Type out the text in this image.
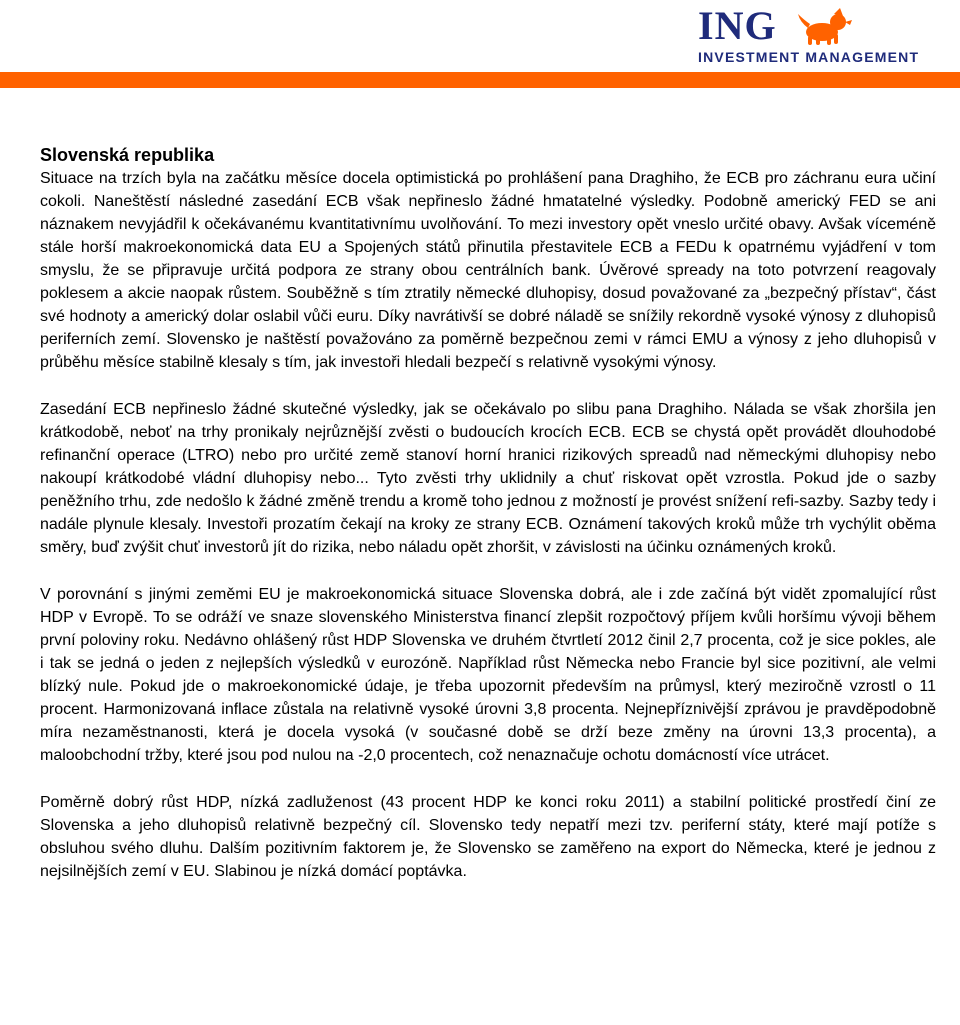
ING
INVESTMENT MANAGEMENT
Slovenská republika

Situace na trzích byla na začátku měsíce docela optimistická po prohlášení pana Draghiho, že ECB pro záchranu eura učiní cokoli. Naneštěstí následné zasedání ECB však nepřineslo žádné hmatatelné výsledky. Podobně americký FED se ani náznakem nevyjádřil k očekávanému kvantitativnímu uvolňování. To mezi investory opět vneslo určité obavy. Avšak víceméně stále horší makroekonomická data EU a Spojených států přinutila přestavitele ECB a FEDu k opatrnému vyjádření v tom smyslu, že se připravuje určitá podpora ze strany obou centrálních bank. Úvěrové spready na toto potvrzení reagovaly poklesem a akcie naopak růstem. Souběžně s tím ztratily německé dluhopisy, dosud považované za „bezpečný přístav“, část své hodnoty a americký dolar oslabil vůči euru. Díky navrátivší se dobré náladě se snížily rekordně vysoké výnosy z dluhopisů periferních zemí. Slovensko je naštěstí považováno za poměrně bezpečnou zemi v rámci EMU a výnosy z jeho dluhopisů v průběhu měsíce stabilně klesaly s tím, jak investoři hledali bezpečí s relativně vysokými výnosy.

Zasedání ECB nepřineslo žádné skutečné výsledky, jak se očekávalo po slibu pana Draghiho. Nálada se však zhoršila jen krátkodobě, neboť na trhy pronikaly nejrůznější zvěsti o budoucích krocích ECB. ECB se chystá opět provádět dlouhodobé refinanční operace (LTRO) nebo pro určité země stanoví horní hranici rizikových spreadů nad německými dluhopisy nebo nakoupí krátkodobé vládní dluhopisy nebo... Tyto zvěsti trhy uklidnily a chuť riskovat opět vzrostla. Pokud jde o sazby peněžního trhu, zde nedošlo k žádné změně trendu a kromě toho jednou z možností je provést snížení refi-sazby. Sazby tedy i nadále plynule klesaly. Investoři prozatím čekají na kroky ze strany ECB. Oznámení takových kroků může trh vychýlit oběma směry, buď zvýšit chuť investorů jít do rizika, nebo náladu opět zhoršit, v závislosti na účinku oznámených kroků.

V porovnání s jinými zeměmi EU je makroekonomická situace Slovenska dobrá, ale i zde začíná být vidět zpomalující růst HDP v Evropě. To se odráží ve snaze slovenského Ministerstva financí zlepšit rozpočtový příjem kvůli horšímu vývoji během první poloviny roku. Nedávno ohlášený růst HDP Slovenska ve druhém čtvrtletí 2012 činil 2,7 procenta, což je sice pokles, ale i tak se jedná o jeden z nejlepších výsledků v eurozóně. Například růst Německa nebo Francie byl sice pozitivní, ale velmi blízký nule. Pokud jde o makroekonomické údaje, je třeba upozornit především na průmysl, který meziročně vzrostl o 11 procent. Harmonizovaná inflace zůstala na relativně vysoké úrovni 3,8 procenta. Nejnepříznivější zprávou je pravděpodobně míra nezaměstnanosti, která je docela vysoká (v současné době se drží beze změny na úrovni 13,3 procenta), a maloobchodní tržby, které jsou pod nulou na -2,0 procentech, což nenaznačuje ochotu domácností více utrácet.

Poměrně dobrý růst HDP, nízká zadluženost (43 procent HDP ke konci roku 2011) a stabilní politické prostředí činí ze Slovenska a jeho dluhopisů relativně bezpečný cíl. Slovensko tedy nepatří mezi tzv. periferní státy, které mají potíže s obsluhou svého dluhu. Dalším pozitivním faktorem je, že Slovensko se zaměřeno na export do Německa, které je jednou z nejsilnějších zemí v EU. Slabinou je nízká domácí poptávka.
